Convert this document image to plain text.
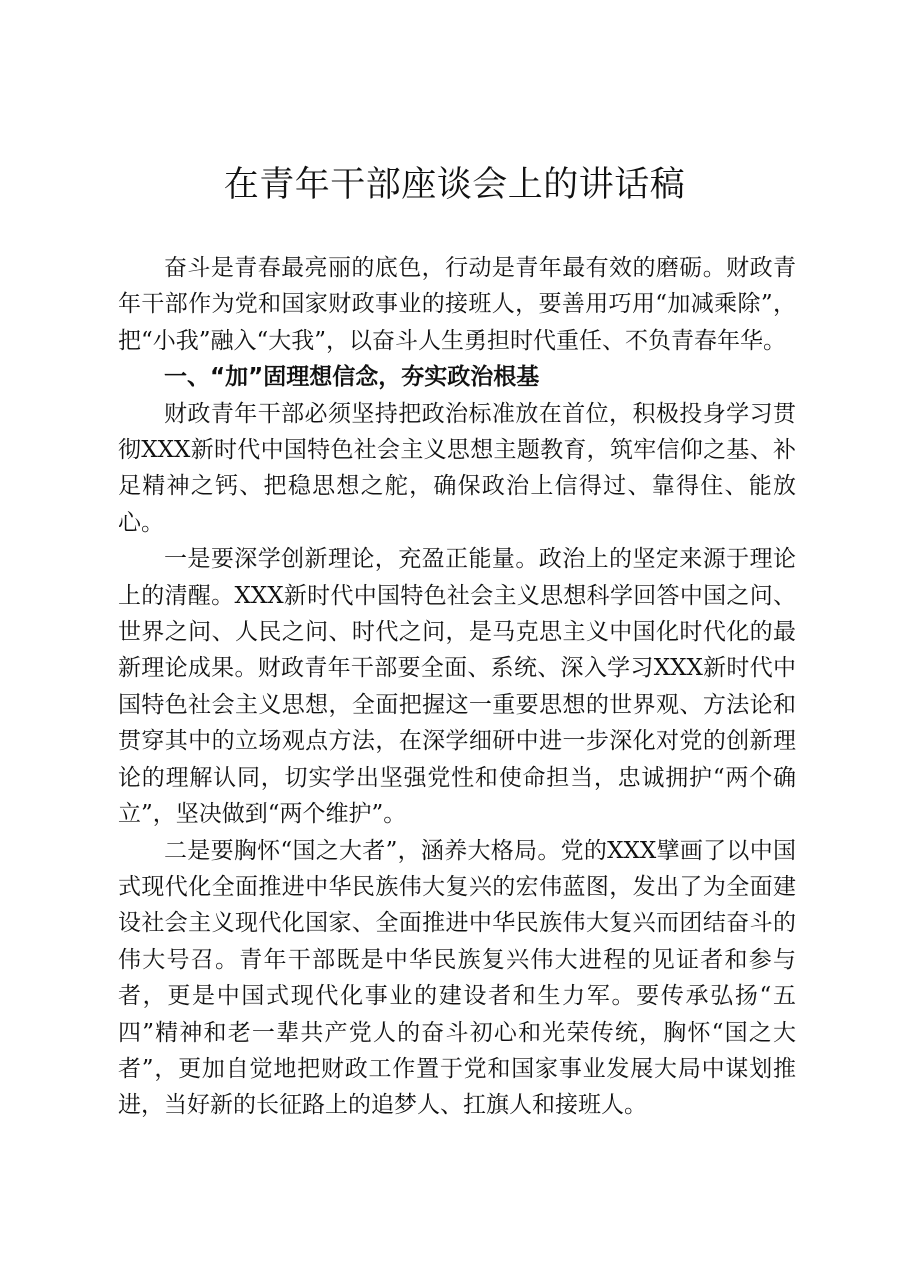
在青年干部座谈会上的讲话稿

奋斗是青春最亮丽的底色，行动是青年最有效的磨砺。财政青年干部作为党和国家财政事业的接班人，要善用巧用“加减乘除”，把“小我”融入“大我”，以奋斗人生勇担时代重任、不负青春年华。

一、“加”固理想信念，夯实政治根基

财政青年干部必须坚持把政治标准放在首位，积极投身学习贯彻XXX新时代中国特色社会主义思想主题教育，筑牢信仰之基、补足精神之钙、把稳思想之舵，确保政治上信得过、靠得住、能放心。

一是要深学创新理论，充盈正能量。政治上的坚定来源于理论上的清醒。XXX新时代中国特色社会主义思想科学回答中国之问、世界之问、人民之问、时代之问，是马克思主义中国化时代化的最新理论成果。财政青年干部要全面、系统、深入学习XXX新时代中国特色社会主义思想，全面把握这一重要思想的世界观、方法论和贯穿其中的立场观点方法，在深学细研中进一步深化对党的创新理论的理解认同，切实学出坚强党性和使命担当，忠诚拥护“两个确立”，坚决做到“两个维护”。

二是要胸怀“国之大者”，涵养大格局。党的XXX擘画了以中国式现代化全面推进中华民族伟大复兴的宏伟蓝图，发出了为全面建设社会主义现代化国家、全面推进中华民族伟大复兴而团结奋斗的伟大号召。青年干部既是中华民族复兴伟大进程的见证者和参与者，更是中国式现代化事业的建设者和生力军。要传承弘扬“五四”精神和老一辈共产党人的奋斗初心和光荣传统，胸怀“国之大者”，更加自觉地把财政工作置于党和国家事业发展大局中谋划推进，当好新的长征路上的追梦人、扛旗人和接班人。
